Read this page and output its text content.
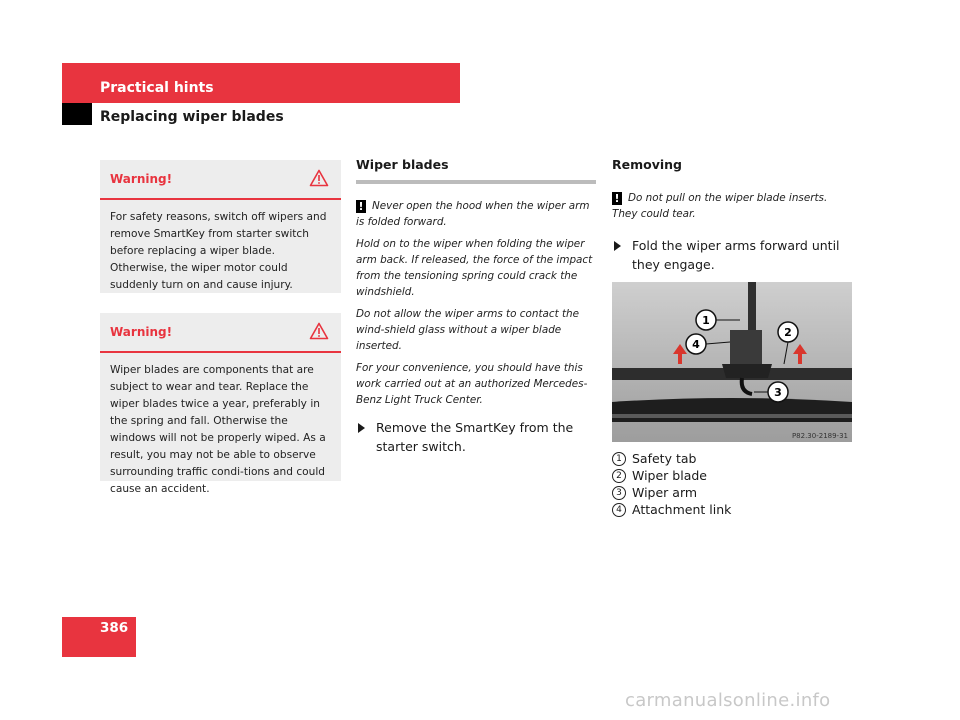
Practical hints
Replacing wiper blades
Warning!
For safety reasons, switch off wipers and remove SmartKey from starter switch before replacing a wiper blade. Otherwise, the wiper motor could suddenly turn on and cause injury.
Warning!
Wiper blades are components that are subject to wear and tear. Replace the wiper blades twice a year, preferably in the spring and fall. Otherwise the windows will not be properly wiped. As a result, you may not be able to observe surrounding traffic condi-tions and could cause an accident.
Wiper blades

! Never open the hood when the wiper arm is folded forward.

Hold on to the wiper when folding the wiper arm back. If released, the force of the impact from the tensioning spring could crack the windshield.

Do not allow the wiper arms to contact the wind-shield glass without a wiper blade inserted.

For your convenience, you should have this work carried out at an authorized Mercedes-Benz Light Truck Center.

Remove the SmartKey from the starter switch.
Removing

! Do not pull on the wiper blade inserts. They could tear.

Fold the wiper arms forward until they engage.
1
2
3
4
P82.30-2189-31
1 Safety tab
2 Wiper blade
3 Wiper arm
4 Attachment link
386
carmanualsonline.info
